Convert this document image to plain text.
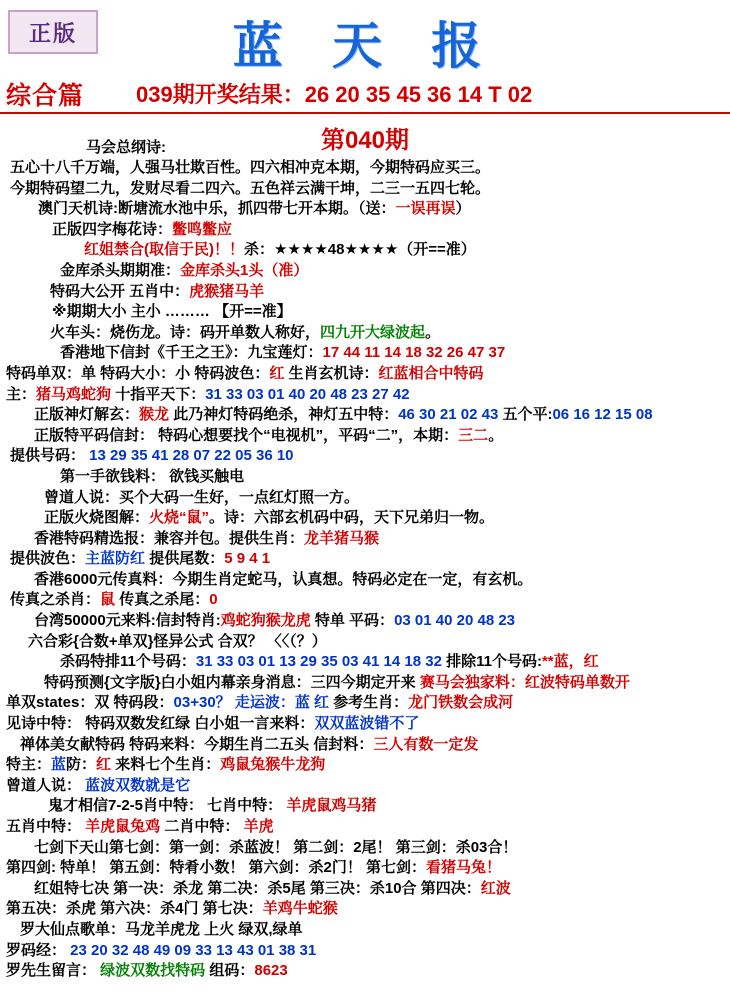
正版	蓝 天 报
综合篇 039期开奖结果：26 20 35 45 36 14 T 02
第040期
马会总纲诗:
五心十八千万端，人强马壮欺百性。四六相冲克本期，今期特码应买三。
今期特码望二九，发财尽看二四六。五色祥云满干坤，二三一五四七轮。
澳门天机诗:断塘流水池中乐，抓四带七开本期。（送：一误再误）
正版四字梅花诗：鳖鸣鳖应
红姐禁合(取信于民)！！杀：★★★★48★★★★（开==准）
金库杀头期期准：金库杀头1头（准）
特码大公开 五肖中：虎猴猪马羊
※期期大小 主小 ……… 【开==准】
火车头：烧伤龙。诗：码开单数人称好，四九开大绿波起。
香港地下信封《千王之王》：九宝莲灯：17 44 11 14 18 32 26 47 37
特码单双：单 特码大小：小 特码波色：红 生肖玄机诗：红蓝相合中特码
主：猪马鸡蛇狗 十指平天下：31 33 03 01 40 20 48 23 27 42
正版神灯解玄：猴龙 此乃神灯特码绝杀，神灯五中特：46 30 21 02 43 五个平:06 16 12 15 08
正版特平码信封： 特码心想要找个“电视机”，平码“二”，本期：三二。
提供号码： 13 29 35 41 28 07 22 05 36 10
第一手欲钱料： 欲钱买触电
曾道人说：买个大码一生好，一点红灯照一方。
正版火烧图解：火烧“鼠”。诗：六部玄机码中码，天下兄弟归一物。
香港特码精选报：兼容并包。提供生肖：龙羊猪马猴
提供波色：主蓝防红 提供尾数：5 9 4 1
香港6000元传真料：今期生肖定蛇马，认真想。特码必定在一定，有玄机。
传真之杀肖：鼠 传真之杀尾：0
台湾50000元来料:信封特肖:鸡蛇狗猴龙虎 特单 平码：03 01 40 20 48 23
六合彩{合数+单双}怪异公式 合双？ 〈〈（？）
杀码特排11个号码：31 33 03 01 13 29 35 03 41 14 18 32 排除11个号码:**蓝，红
特码预测{文字版}白小姐内幕亲身消息：三四今期定开来 赛马会独家料：红波特码单数开
单双states：双 特码段：03+30？ 走运波：蓝 红 参考生肖：龙门铁数会成河
见诗中特： 特码双数发红绿 白小姐一言来料：双双蓝波错不了
禅体美女献特码 特码来料：今期生肖二五头 信封料：三人有数一定发
特主：蓝防：红 来料七个生肖：鸡鼠兔猴牛龙狗
曾道人说： 蓝波双数就是它
鬼才相信7-2-5肖中特： 七肖中特： 羊虎鼠鸡马猪
五肖中特： 羊虎鼠兔鸡 二肖中特： 羊虎
七剑下天山第七剑：第一剑：杀蓝波！ 第二剑：2尾！ 第三剑：杀03合！
第四剑: 特单！ 第五剑：特肴小数！ 第六剑：杀2门！ 第七剑：看猪马兔！
红姐特七决 第一决：杀龙 第二决：杀5尾 第三决：杀10合 第四决：红波
第五决：杀虎 第六决：杀4门 第七决：羊鸡牛蛇猴
罗大仙点歌单：马龙羊虎龙 上火 绿双,绿单
罗码经： 23 20 32 48 49 09 33 13 43 01 38 31
罗先生留言： 绿波双数找特码 组码：8623
